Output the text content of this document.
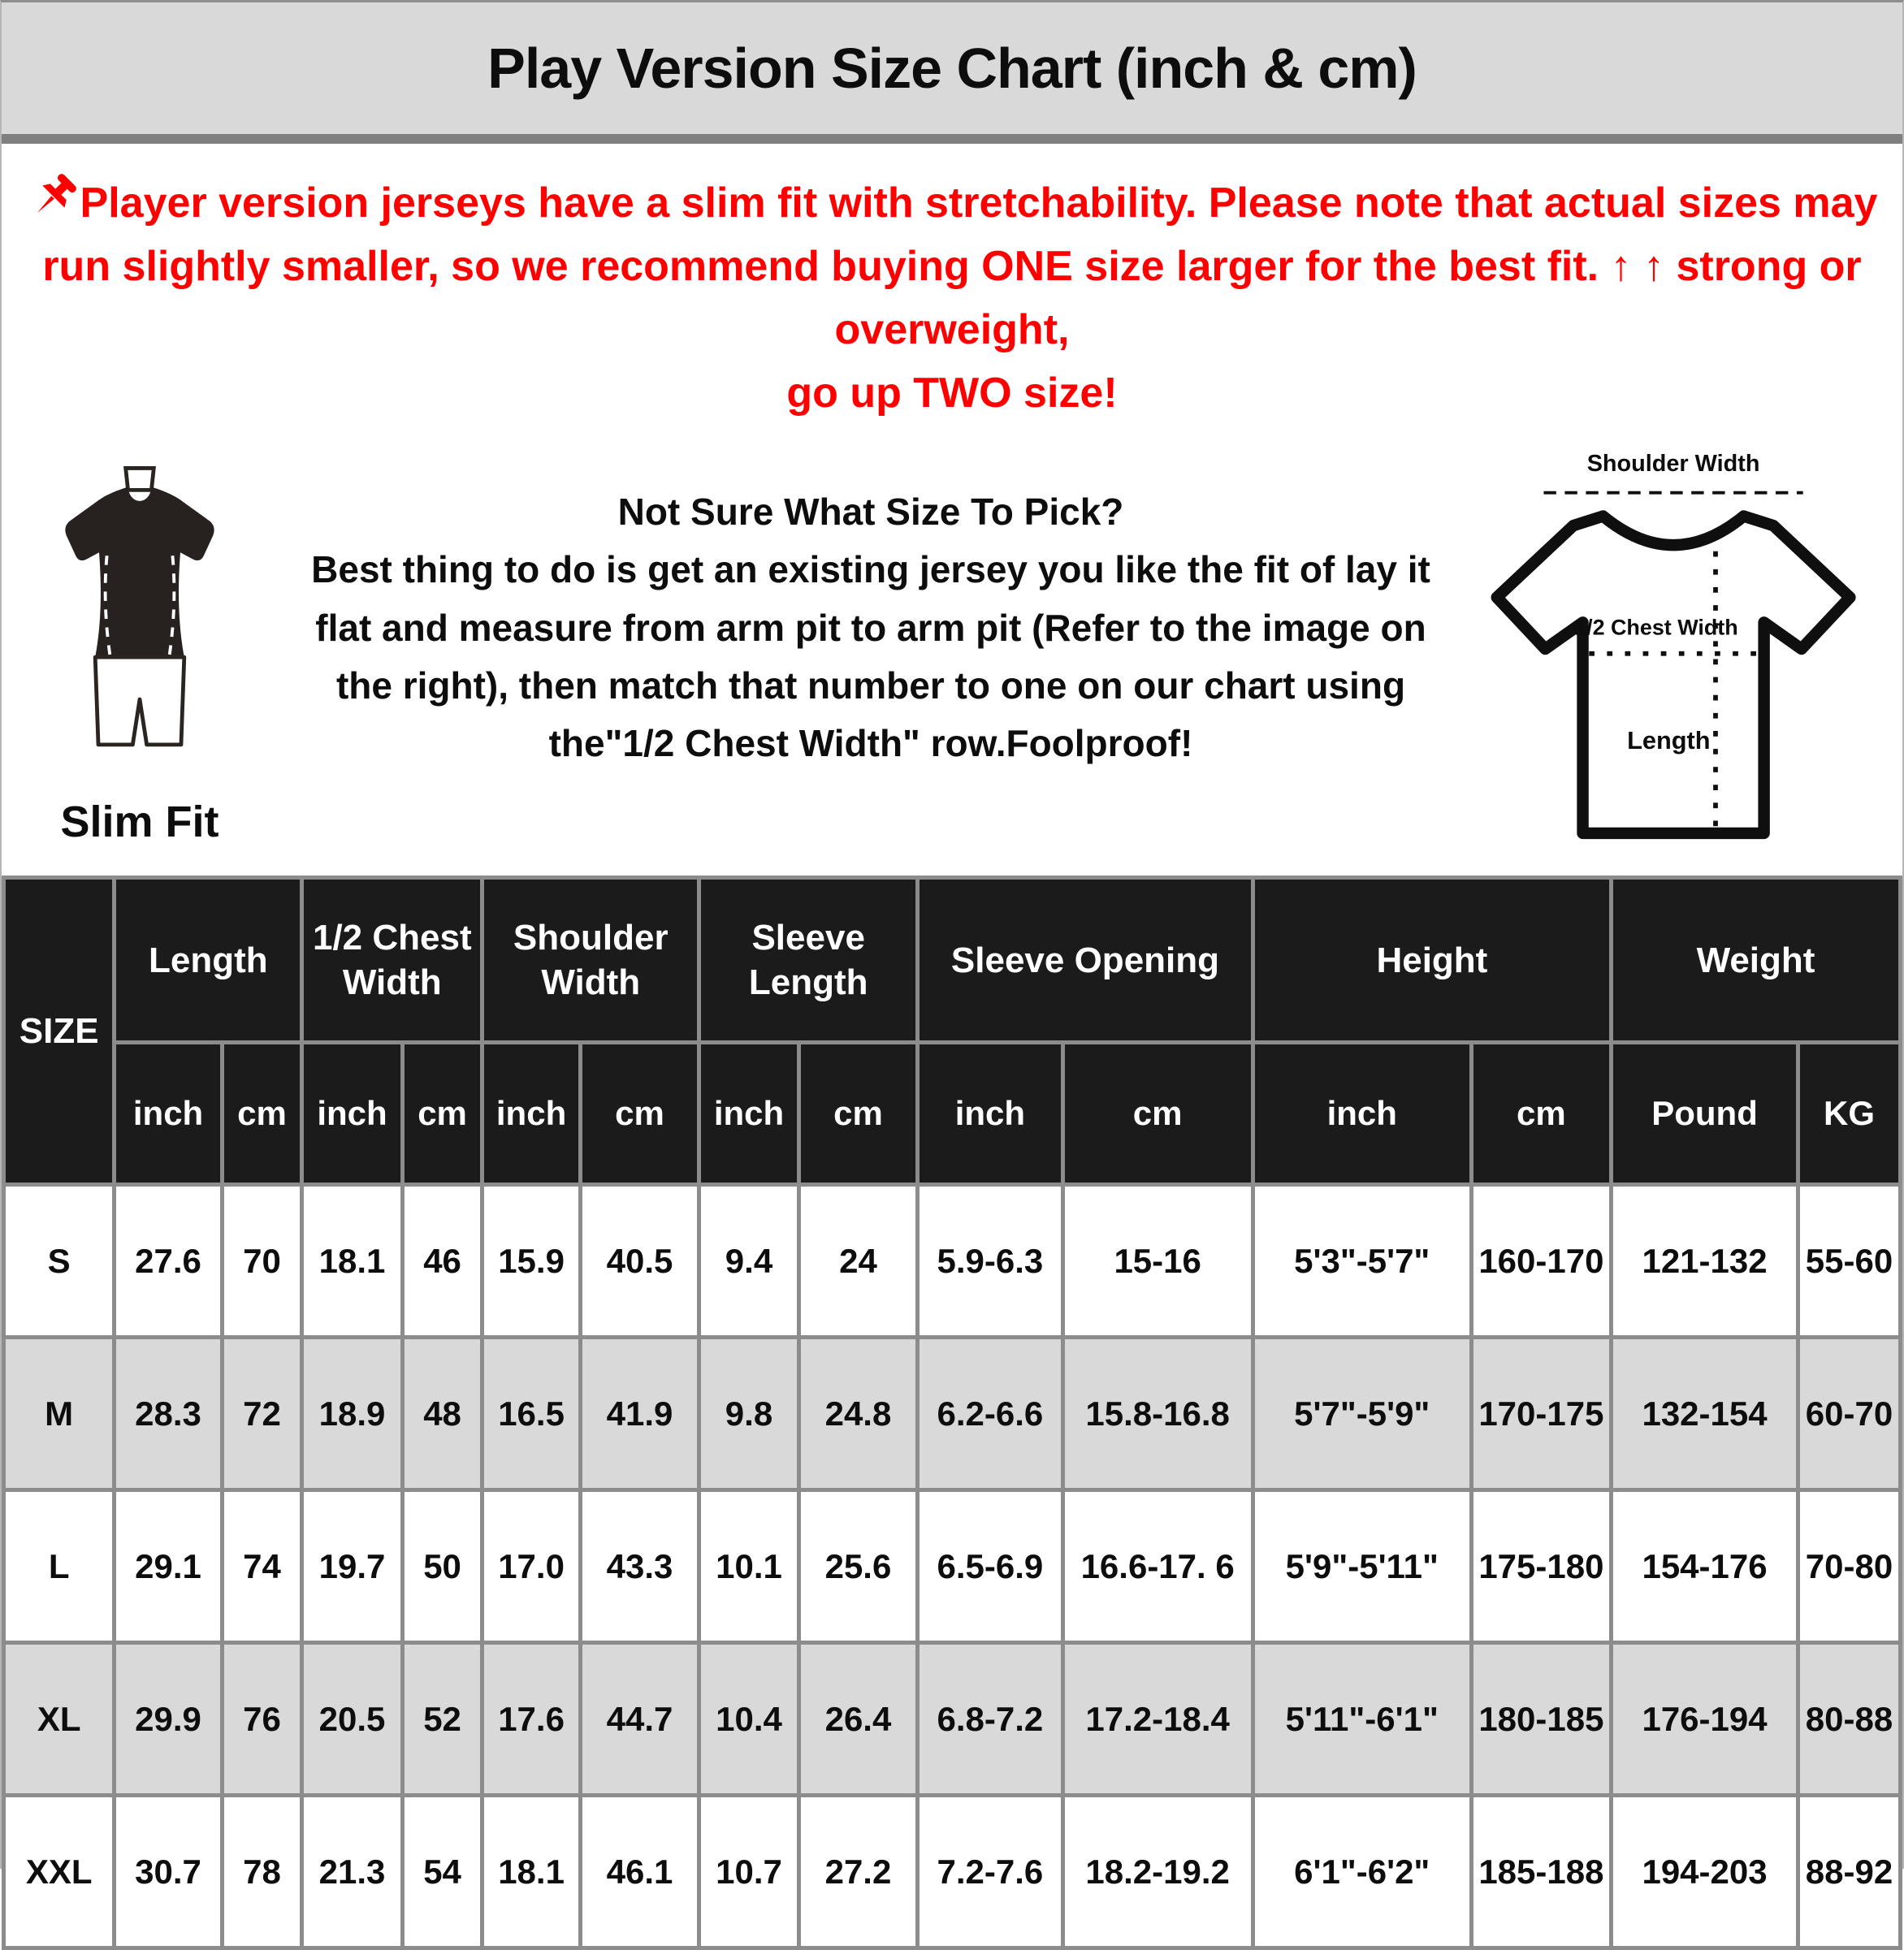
Play Version Size Chart (inch & cm)

Player version jerseys have a slim fit with stretchability. Please note that actual sizes may run slightly smaller, so we recommend buying ONE size larger for the best fit. ↑ ↑ strong or overweight,

go up TWO size!

Slim Fit
Not Sure What Size To Pick?

Best thing to do is get an existing jersey you like the fit of lay it flat and measure from arm pit to arm pit (Refer to the image on the right), then match that number to one on our chart using the"1/2 Chest Width" row.Foolproof!

Shoulder Width
1/2 Chest Width
Length
SIZE	Length		1/2 Chest Width		Shoulder Width		Sleeve Length		Sleeve Opening		Height		Weight	
	inch	cm	inch	cm	inch	cm	inch	cm	inch	cm	inch	cm	Pound	KG
S	27.6	70	18.1	46	15.9	40.5	9.4	24	5.9-6.3	15-16	5'3"-5'7"	160-170	121-132	55-60
M	28.3	72	18.9	48	16.5	41.9	9.8	24.8	6.2-6.6	15.8-16.8	5'7"-5'9"	170-175	132-154	60-70
L	29.1	74	19.7	50	17.0	43.3	10.1	25.6	6.5-6.9	16.6-17. 6	5'9"-5'11"	175-180	154-176	70-80
XL	29.9	76	20.5	52	17.6	44.7	10.4	26.4	6.8-7.2	17.2-18.4	5'11"-6'1"	180-185	176-194	80-88
XXL	30.7	78	21.3	54	18.1	46.1	10.7	27.2	7.2-7.6	18.2-19.2	6'1"-6'2"	185-188	194-203	88-92
